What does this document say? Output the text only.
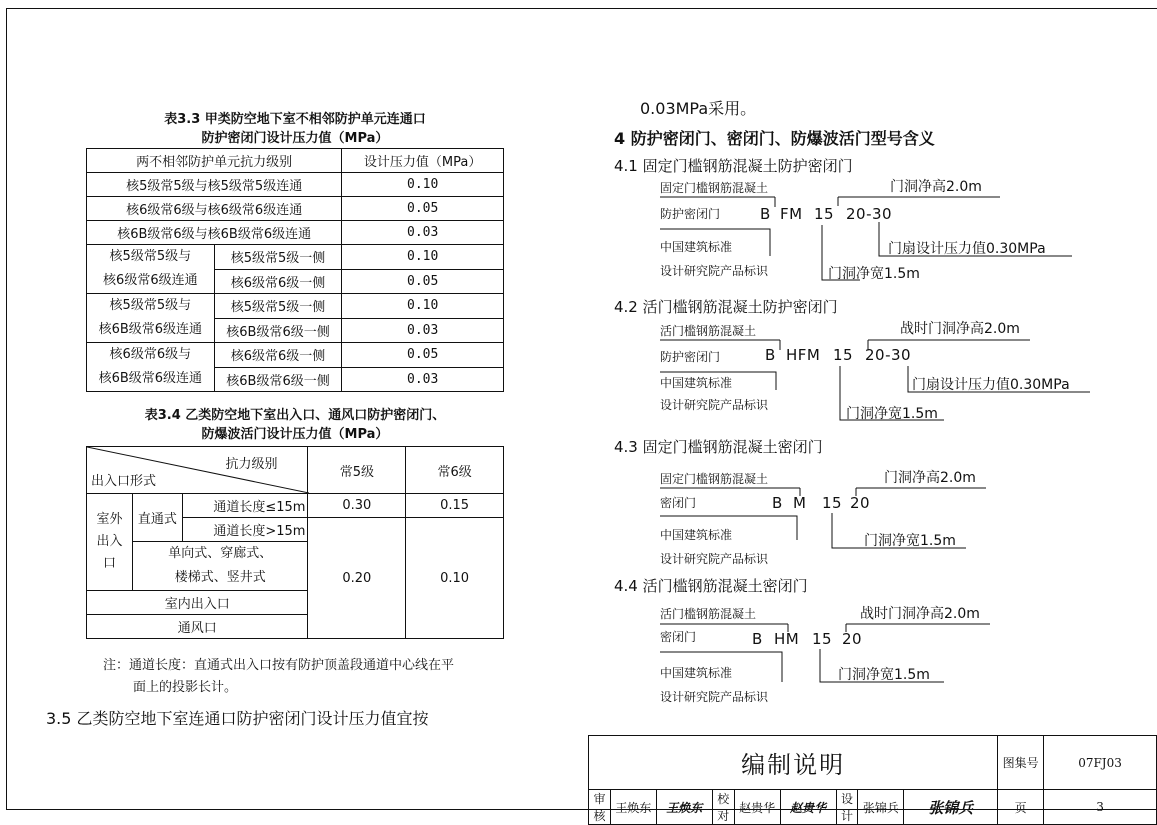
表3.3 甲类防空地下室不相邻防护单元连通口
防护密闭门设计压力值（MPa）
两不相邻防护单元抗力级别		设计压力值（MPa）
核5级常5级与核5级常5级连通		0.10
核6级常6级与核6级常6级连通		0.05
核6B级常6级与核6B级常6级连通		0.03

核5级常5级与
核6级常6级连通	核5级常5级一侧	0.10
	核6级常6级一侧	0.05

核5级常5级与
核6B级常6级连通	核5级常5级一侧	0.10
	核6B级常6级一侧	0.03

核6级常6级与
核6B级常6级连通	核6级常6级一侧	0.05
	核6B级常6级一侧	0.03
表3.4 乙类防空地下室出入口、通风口防护密闭门、
防爆波活门设计压力值（MPa）
抗力级别
出入口形式			常5级	常6级

室外出入口	直通式	通道长度≤15m	0.30	0.15
		通道长度>15m	0.20	0.10

	单向式、穿廊式、
楼梯式、竖井式			

室内出入口				
通风口				
注：通道长度：直通式出入口按有防护顶盖段通道中心线在平
面上的投影长计。
3.5 乙类防空地下室连通口防护密闭门设计压力值宜按
0.03MPa采用。
4 防护密闭门、密闭门、防爆波活门型号含义
4.1 固定门槛钢筋混凝土防护密闭门
固定门槛钢筋混凝土
防护密闭门	B FM 15 20-30
门洞净高2.0m
门扇设计压力值0.30MPa
中国建筑标准
设计研究院产品标识	门洞净宽1.5m
4.2 活门槛钢筋混凝土防护密闭门
活门槛钢筋混凝土
防护密闭门	B HFM 15 20-30
战时门洞净高2.0m
门扇设计压力值0.30MPa
中国建筑标准
设计研究院产品标识
门洞净宽1.5m
4.3 固定门槛钢筋混凝土密闭门
固定门槛钢筋混凝土
密闭门	B M 15 20
门洞净高2.0m
中国建筑标准
设计研究院产品标识
门洞净宽1.5m
4.4 活门槛钢筋混凝土密闭门
活门槛钢筋混凝土
密闭门	B HM 15 20
战时门洞净高2.0m
中国建筑标准
设计研究院产品标识
门洞净宽1.5m
编制说明									图集号	07FJ03
审核	王焕东	王焕东	校对	赵贵华	赵贵华	设计	张锦兵	张锦兵	页	3
